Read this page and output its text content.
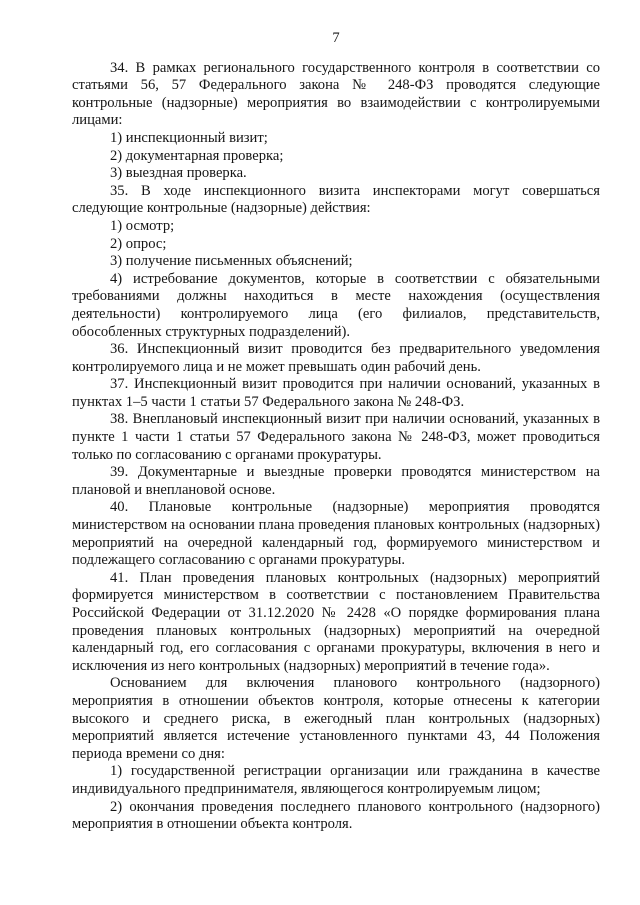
7

34. В рамках регионального государственного контроля в соответствии со статьями 56, 57 Федерального закона № 248-ФЗ проводятся следующие контрольные (надзорные) мероприятия во взаимодействии с контролируемыми лицами:

1) инспекционный визит;

2) документарная проверка;

3) выездная проверка.

35. В ходе инспекционного визита инспекторами могут совершаться следующие контрольные (надзорные) действия:

1) осмотр;

2) опрос;

3) получение письменных объяснений;

4) истребование документов, которые в соответствии с обязательными требованиями должны находиться в месте нахождения (осуществления деятельности) контролируемого лица (его филиалов, представительств, обособленных структурных подразделений).

36. Инспекционный визит проводится без предварительного уведомления контролируемого лица и не может превышать один рабочий день.

37. Инспекционный визит проводится при наличии оснований, указанных в пунктах 1–5 части 1 статьи 57 Федерального закона № 248-ФЗ.

38. Внеплановый инспекционный визит при наличии оснований, указанных в пункте 1 части 1 статьи 57 Федерального закона № 248-ФЗ, может проводиться только по согласованию с органами прокуратуры.

39. Документарные и выездные проверки проводятся министерством на плановой и внеплановой основе.

40. Плановые контрольные (надзорные) мероприятия проводятся министерством на основании плана проведения плановых контрольных (надзорных) мероприятий на очередной календарный год, формируемого министерством и подлежащего согласованию с органами прокуратуры.

41. План проведения плановых контрольных (надзорных) мероприятий формируется министерством в соответствии с постановлением Правительства Российской Федерации от 31.12.2020 № 2428 «О порядке формирования плана проведения плановых контрольных (надзорных) мероприятий на очередной календарный год, его согласования с органами прокуратуры, включения в него и исключения из него контрольных (надзорных) мероприятий в течение года».

Основанием для включения планового контрольного (надзорного) мероприятия в отношении объектов контроля, которые отнесены к категории высокого и среднего риска, в ежегодный план контрольных (надзорных) мероприятий является истечение установленного пунктами 43, 44 Положения периода времени со дня:

1) государственной регистрации организации или гражданина в качестве индивидуального предпринимателя, являющегося контролируемым лицом;

2) окончания проведения последнего планового контрольного (надзорного) мероприятия в отношении объекта контроля.
